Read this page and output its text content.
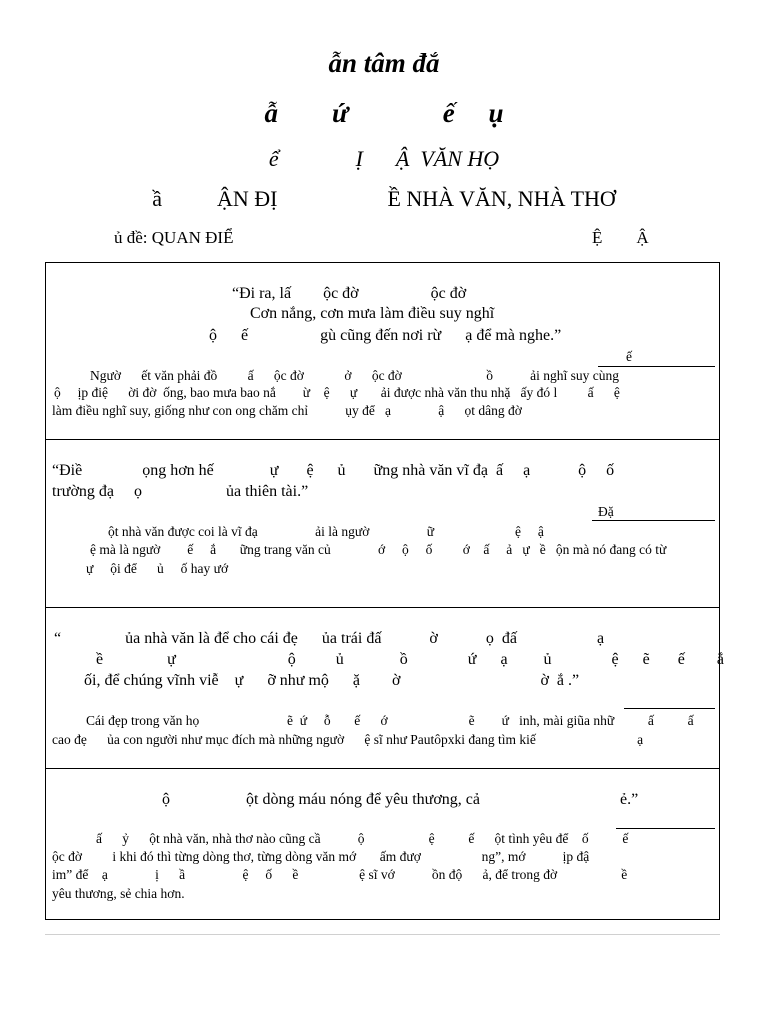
ẫn tâm đắ
ẫ        ứ              ế     ụ
ể              Ị      Ậ  VĂN HỌ
ầ          ẬN ĐỊ                    Ề NHÀ VĂN, NHÀ THƠ
ủ đề: QUAN ĐIỂ	Ệ        Ậ
“Đi ra, lấ        ộc đờ                  ộc đờ
Cơn nắng, cơn mưa làm điều suy nghĩ
ộ      ế                  gù cũng đến nơi rừ      ạ để mà nghe.”
ế
Ngườ      ết văn phải đồ         ấ      ộc đờ            ở      ộc đờ                         ồ           ải nghĩ suy cùng
ộ     ịp điệ      ời đờ  ống, bao mưa bao nắ        ừ    ệ      ự       ải được nhà văn thu nhặ   ấy đó l         ấ      ệ
làm điều nghĩ suy, giống như con ong chăm chỉ           ụy để   ạ              ậ      ọt dâng đờ
“Điề               ọng hơn hế              ự       ệ      ủ       ững nhà văn vĩ đạ  ấ     ạ            ộ     ố
trường đạ     ọ                     ủa thiên tài.”
Đặ
ột nhà văn được coi là vĩ đạ                 ải là ngườ                 ữ                        ệ     ậ
ệ mà là ngườ        ế     ắ       ững trang văn củ              ớ     ộ     ố         ớ    ấ     ả   ự   ề   ộn mà nó đang có từ
ự     ội để      ủ     ố hay ướ
“                ủa nhà văn là để cho cái đẹ      ủa trái đấ            ờ            ọ  đấ                    ạ
ề                ự                            ộ          ủ              ồ               ứ      ạ         ủ               ệ      ẽ       ế        ắ
ối, để chúng vĩnh viễ    ự      ỡ như mộ      ặ        ờ                                   ờ  ắ .”
Cái đẹp trong văn họ                          ẽ  ứ     ỗ       ế      ớ                        ẽ        ứ   inh, mài giũa nhữ          ấ          ấ
cao đẹ      ủa con người như mục đích mà những ngườ      ệ sĩ như Pautôpxki đang tìm kiế                              ạ
ộ                   ột dòng máu nóng để yêu thương, cả                                   ẻ.”
ấ      ỷ      ột nhà văn, nhà thơ nào cũng cầ           ộ                   ệ          ế      ột tình yêu để    ố          ế
ộc đờ         i khi đó thì từng dòng thơ, từng dòng văn mớ       ấm đượ                  ng”, mớ           ịp đậ
im” để    ạ              ị      ầ                 ệ     ố      ề                  ệ sĩ vớ           ồn độ      ả, để trong đờ                   ề
yêu thương, sẻ chia hơn.
